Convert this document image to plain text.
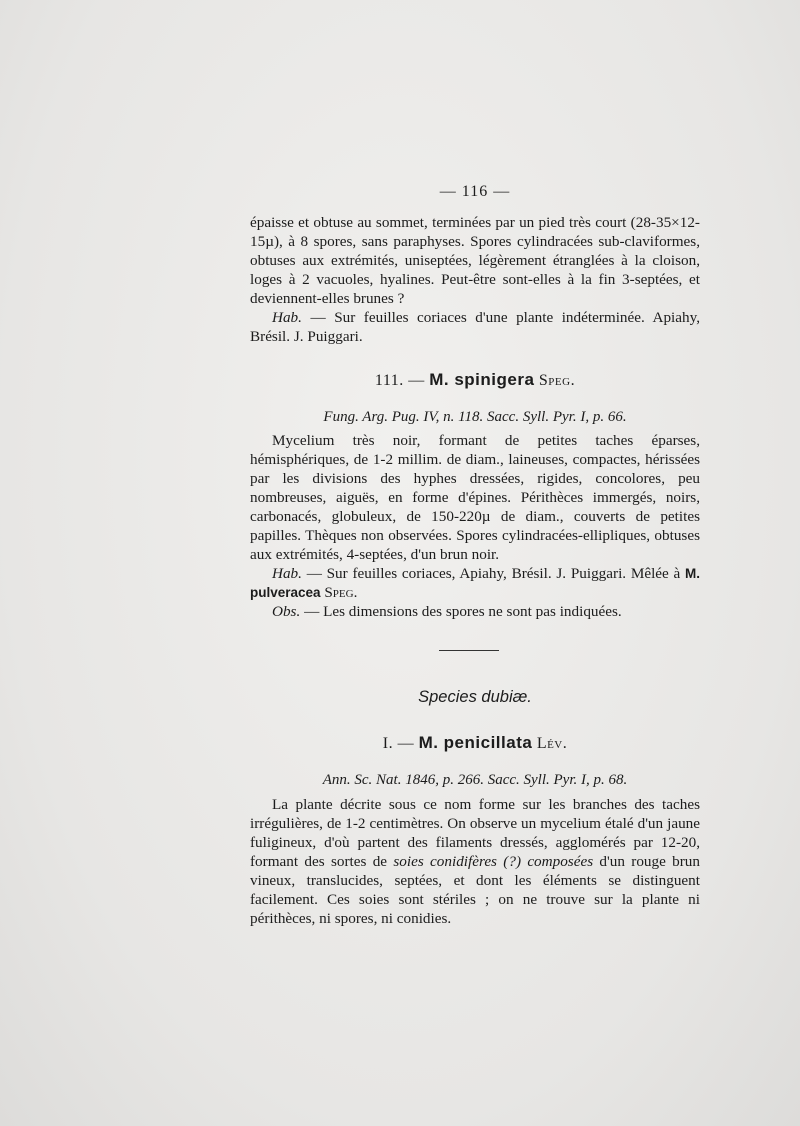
— 116 —

épaisse et obtuse au sommet, terminées par un pied très court (28-35×12-15µ), à 8 spores, sans paraphyses. Spores cylindracées sub-claviformes, obtuses aux extrémités, uniseptées, légèrement étranglées à la cloison, loges à 2 vacuoles, hyalines. Peut-être sont-elles à la fin 3-septées, et deviennent-elles brunes ?

Hab. — Sur feuilles coriaces d'une plante indéterminée. Apiahy, Brésil. J. Puiggari.

111. — M. spinigera Speg.
Fung. Arg. Pug. IV, n. 118. Sacc. Syll. Pyr. I, p. 66.

Mycelium très noir, formant de petites taches éparses, hémisphériques, de 1-2 millim. de diam., laineuses, compactes, hérissées par les divisions des hyphes dressées, rigides, concolores, peu nombreuses, aiguës, en forme d'épines. Périthèces immergés, noirs, carbonacés, globuleux, de 150-220µ de diam., couverts de petites papilles. Thèques non observées. Spores cylindracées-ellipliques, obtuses aux extrémités, 4-septées, d'un brun noir.

Hab. — Sur feuilles coriaces, Apiahy, Brésil. J. Puiggari. Mêlée à M. pulveracea Speg.

Obs. — Les dimensions des spores ne sont pas indiquées.

Species dubiæ.
I. — M. penicillata Lév.
Ann. Sc. Nat. 1846, p. 266. Sacc. Syll. Pyr. I, p. 68.

La plante décrite sous ce nom forme sur les branches des taches irrégulières, de 1-2 centimètres. On observe un mycelium étalé d'un jaune fuligineux, d'où partent des filaments dressés, agglomérés par 12-20, formant des sortes de soies conidifères (?) composées d'un rouge brun vineux, translucides, septées, et dont les éléments se distinguent facilement. Ces soies sont stériles ; on ne trouve sur la plante ni périthèces, ni spores, ni conidies.
